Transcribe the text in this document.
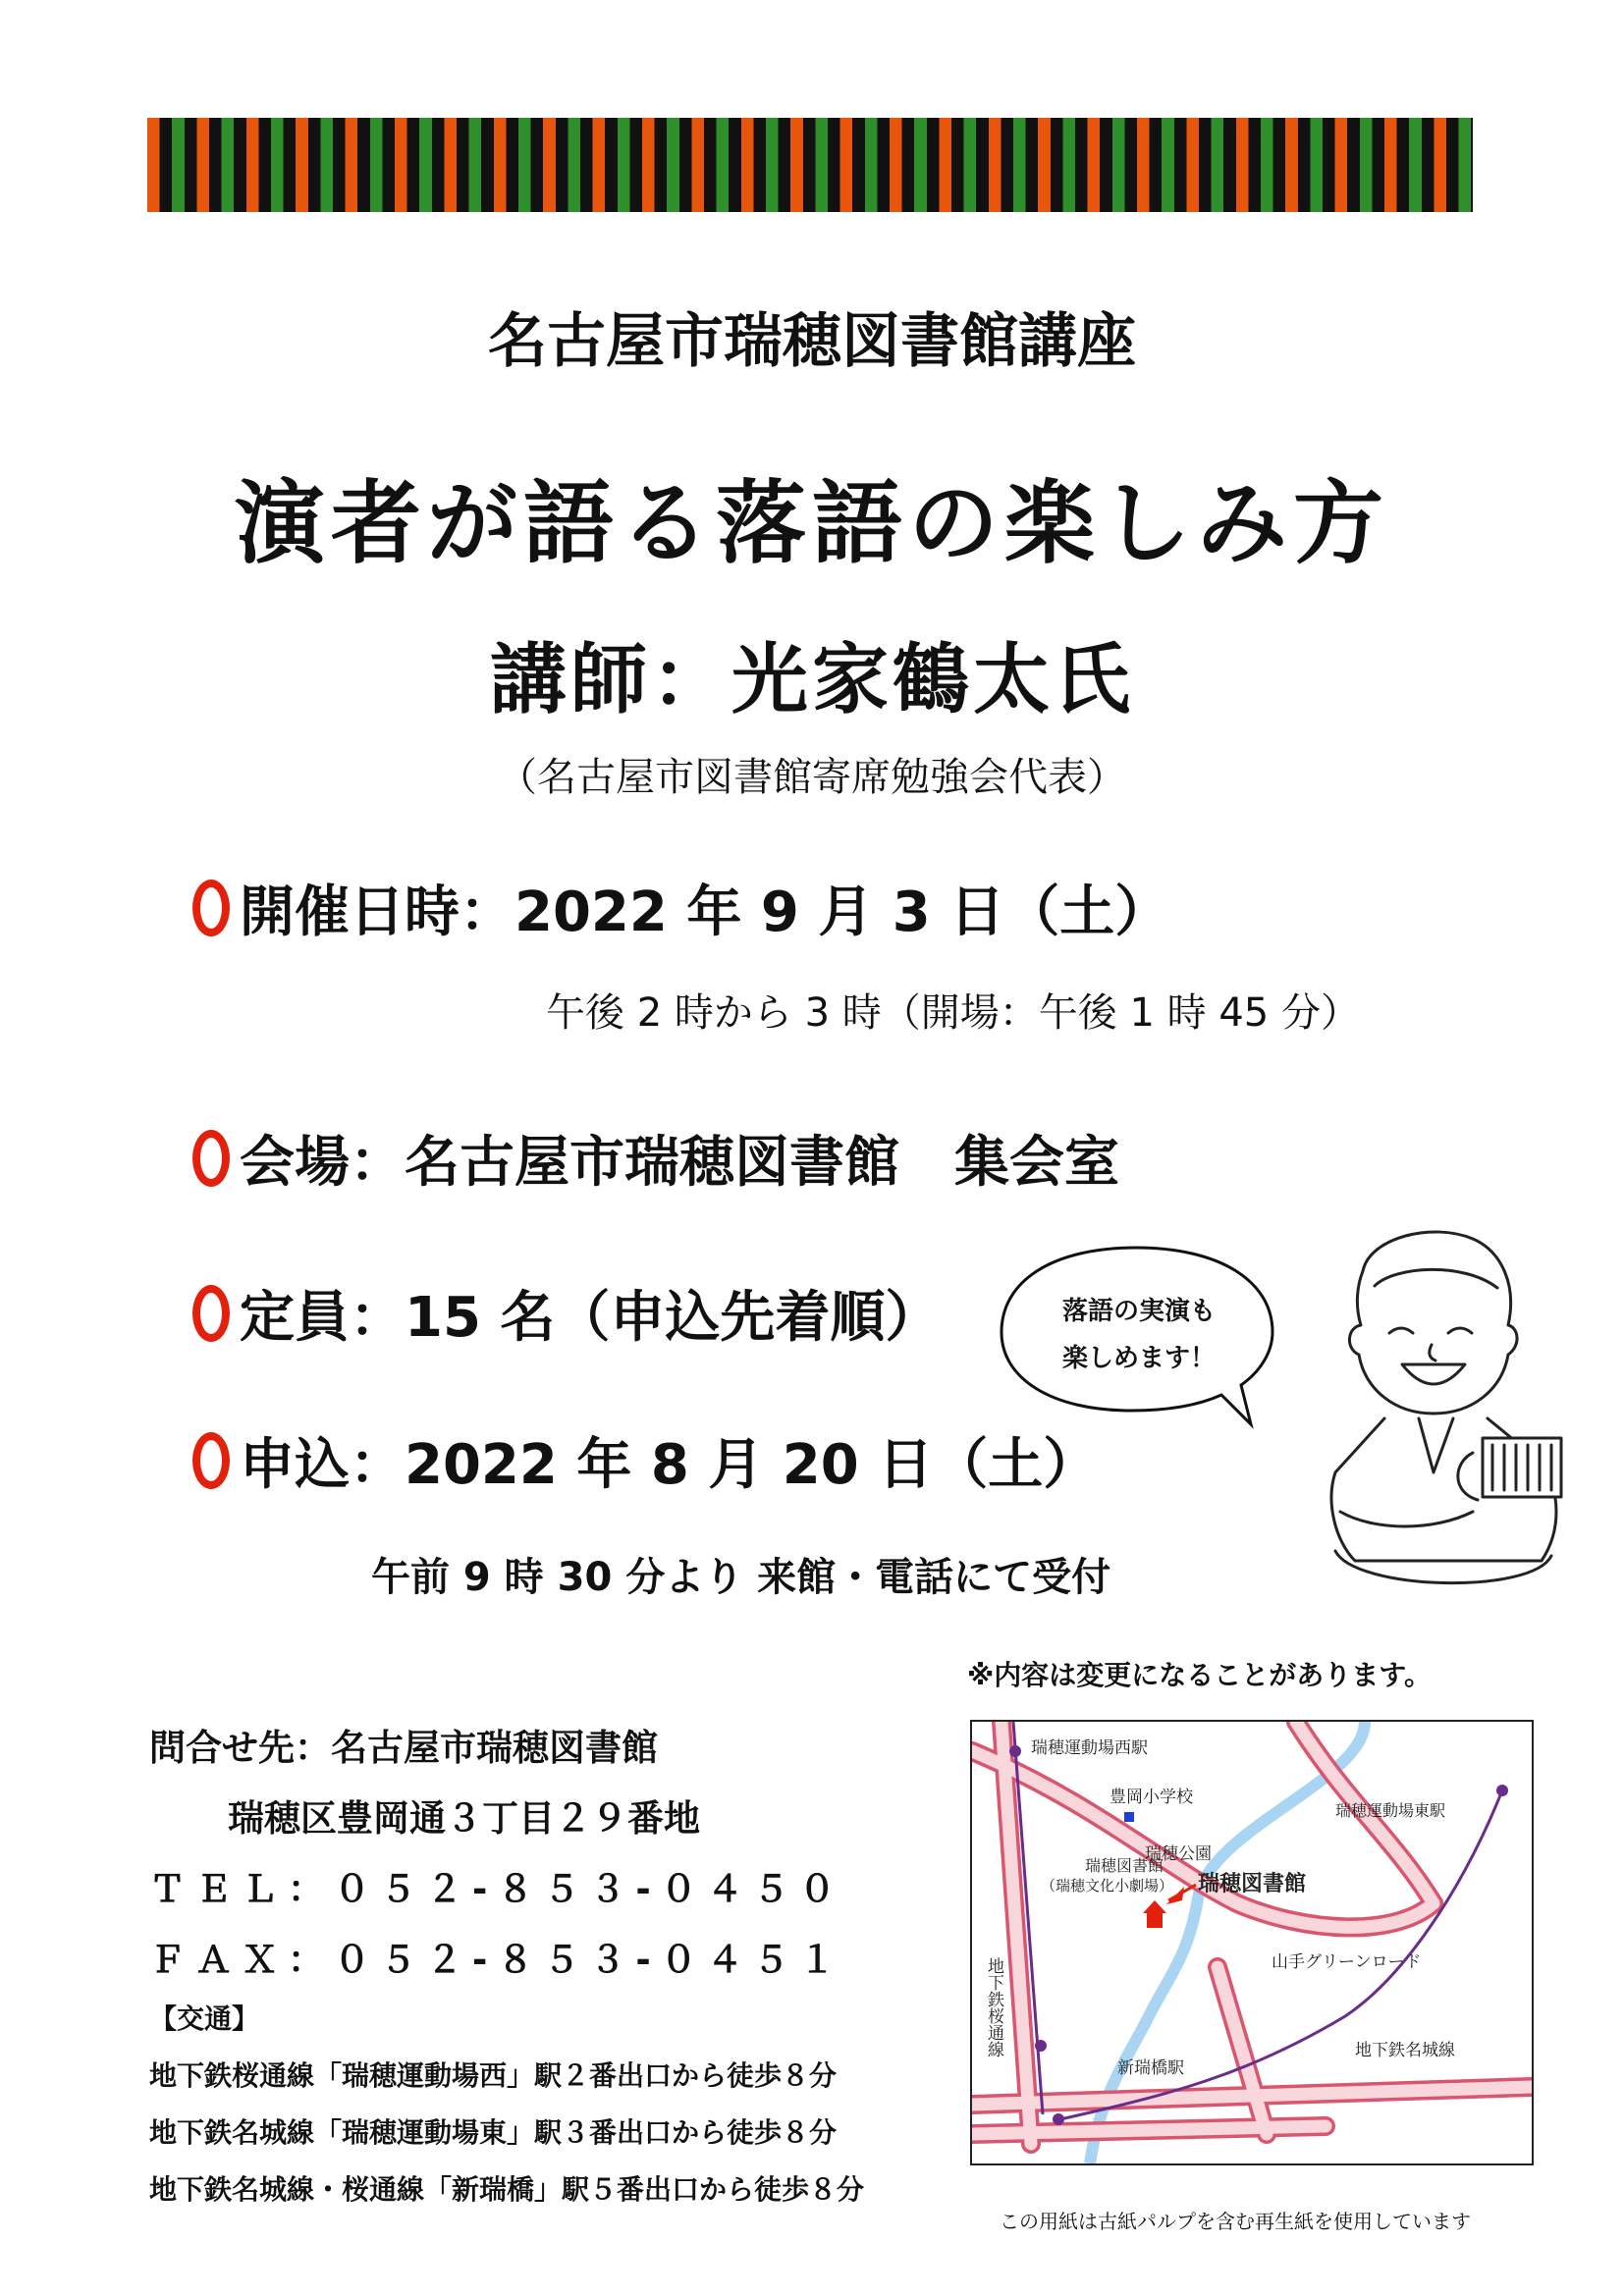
名古屋市瑞穂図書館講座
演者が語る落語の楽しみ方
講師：光家鶴太氏
（名古屋市図書館寄席勉強会代表）
開催日時：2022 年 9 月 3 日（土）
午後 2 時から 3 時（開場：午後 1 時 45 分）
会場：名古屋市瑞穂図書館　集会室
定員：15 名（申込先着順）
申込：2022 年 8 月 20 日（土）
午前 9 時 30 分より 来館・電話にて受付
落語の実演も
楽しめます！
※内容は変更になることがあります。
問合せ先：名古屋市瑞穂図書館
瑞穂区豊岡通３丁目２９番地
ＴＥＬ：０５２-８５３-０４５０
ＦＡＸ：０５２-８５３-０４５１
【交通】
地下鉄桜通線「瑞穂運動場西」駅２番出口から徒歩８分
地下鉄名城線「瑞穂運動場東」駅３番出口から徒歩８分
地下鉄名城線・桜通線「新瑞橋」駅５番出口から徒歩８分
瑞穂運動場西駅
瑞穂運動場東駅
豊岡小学校
瑞穂公園
瑞穂図書館
（瑞穂文化小劇場） 瑞穂図書館
山手グリーンロード
地下鉄名城線
新瑞橋駅
地下鉄桜通線
この用紙は古紙パルプを含む再生紙を使用しています
